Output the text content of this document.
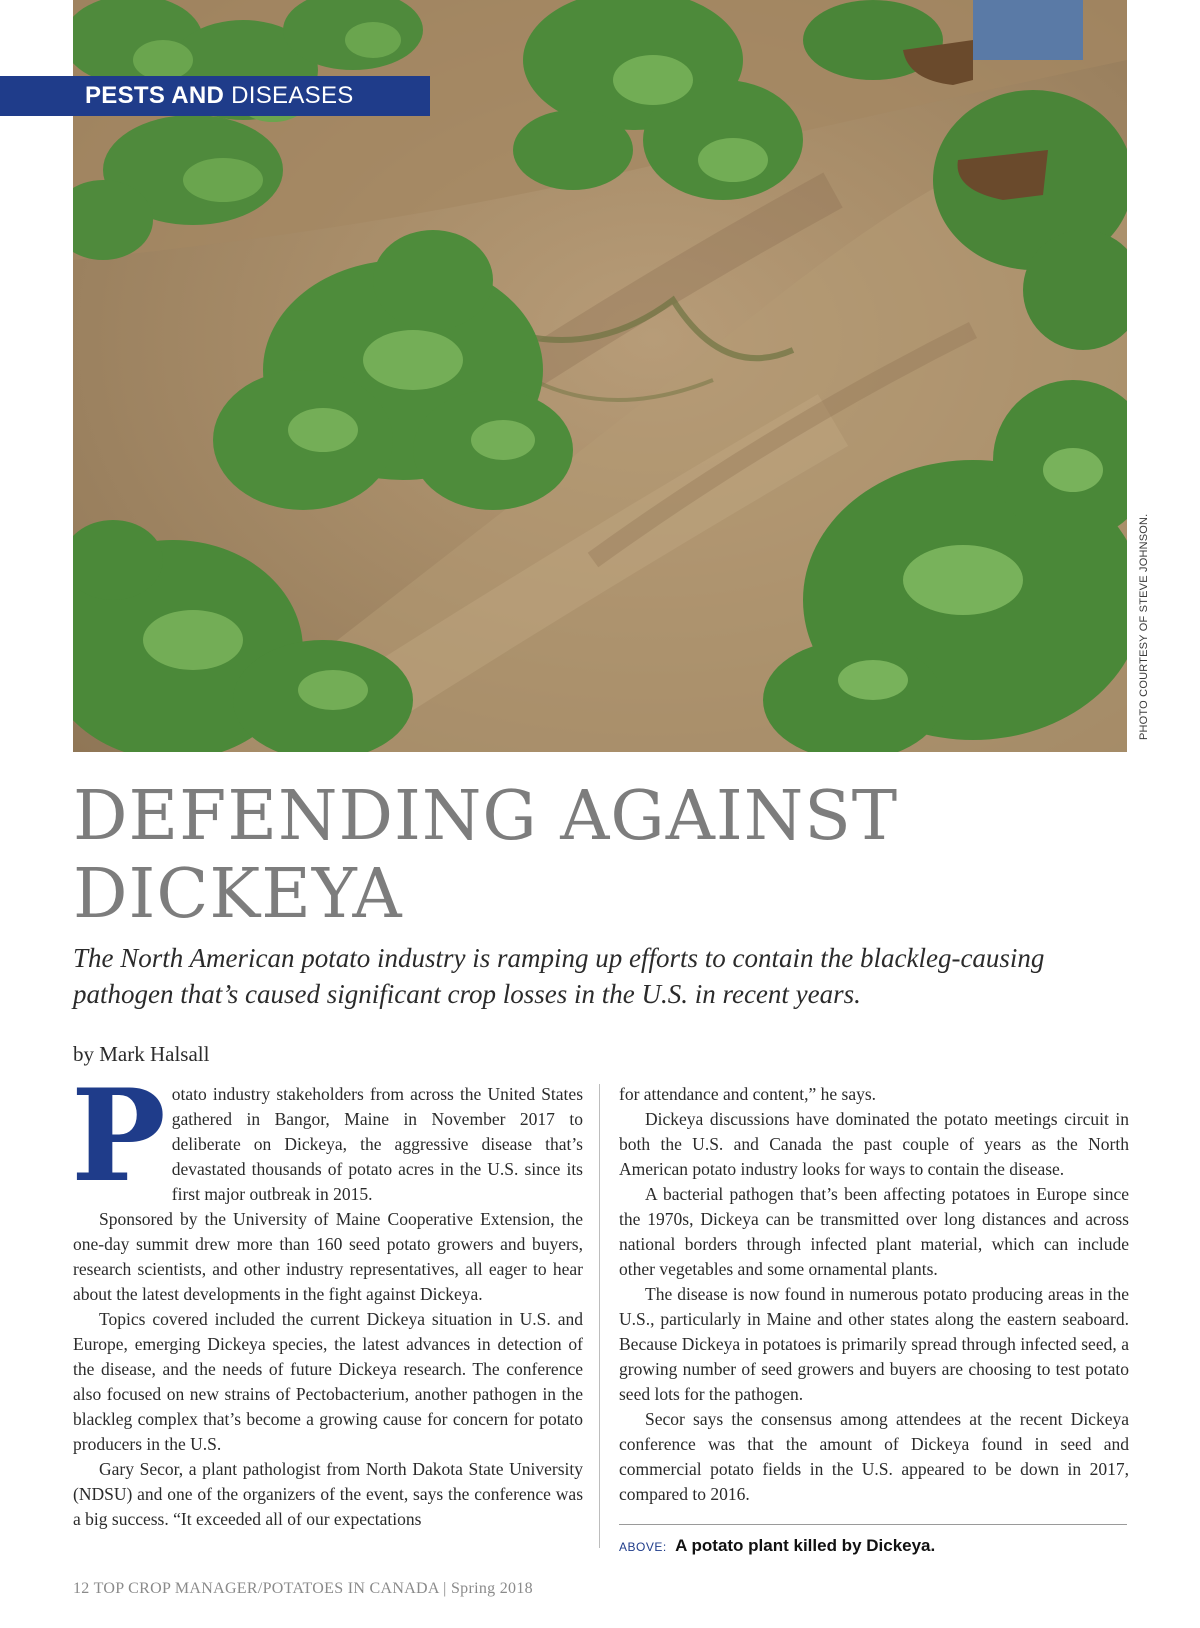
PESTS AND DISEASES
PHOTO COURTESY OF STEVE JOHNSON.
DEFENDING AGAINST DICKEYA

The North American potato industry is ramping up efforts to contain the blackleg-causing pathogen that’s caused significant crop losses in the U.S. in recent years.

by Mark Halsall

Potato industry stakeholders from across the United States gathered in Bangor, Maine in November 2017 to deliberate on Dickeya, the aggressive disease that’s devastated thousands of potato acres in the U.S. since its first major outbreak in 2015.

Sponsored by the University of Maine Cooperative Extension, the one-day summit drew more than 160 seed potato growers and buyers, research scientists, and other industry representatives, all eager to hear about the latest developments in the fight against Dickeya.

Topics covered included the current Dickeya situation in U.S. and Europe, emerging Dickeya species, the latest advances in detection of the disease, and the needs of future Dickeya research. The conference also focused on new strains of Pectobacterium, another pathogen in the blackleg complex that’s become a growing cause for concern for potato producers in the U.S.

Gary Secor, a plant pathologist from North Dakota State University (NDSU) and one of the organizers of the event, says the conference was a big success. “It exceeded all of our expectations

for attendance and content,” he says.

Dickeya discussions have dominated the potato meetings circuit in both the U.S. and Canada the past couple of years as the North American potato industry looks for ways to contain the disease.

A bacterial pathogen that’s been affecting potatoes in Europe since the 1970s, Dickeya can be transmitted over long distances and across national borders through infected plant material, which can include other vegetables and some ornamental plants.

The disease is now found in numerous potato producing areas in the U.S., particularly in Maine and other states along the eastern seaboard. Because Dickeya in potatoes is primarily spread through infected seed, a growing number of seed growers and buyers are choosing to test potato seed lots for the pathogen.

Secor says the consensus among attendees at the recent Dickeya conference was that the amount of Dickeya found in seed and commercial potato fields in the U.S. appeared to be down in 2017, compared to 2016.

ABOVE: A potato plant killed by Dickeya.
12 TOP CROP MANAGER/POTATOES IN CANADA | Spring 2018
